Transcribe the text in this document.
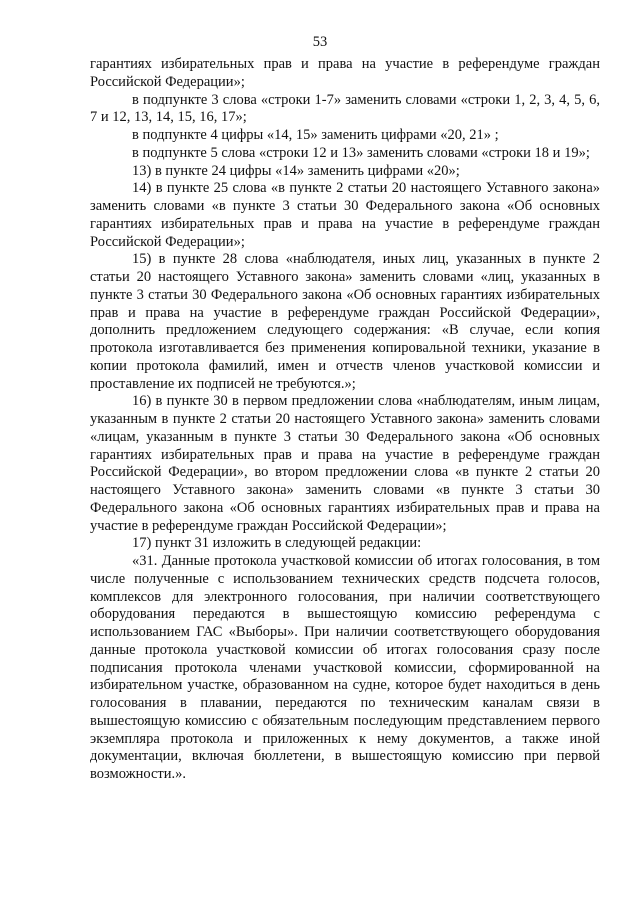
53

гарантиях избирательных прав и права на участие в референдуме граждан Российской Федерации»;

в подпункте 3 слова «строки 1-7» заменить словами «строки 1, 2, 3, 4, 5, 6, 7 и 12, 13, 14, 15, 16, 17»;

в подпункте 4 цифры «14, 15» заменить цифрами «20, 21» ;

в подпункте 5 слова «строки 12 и 13» заменить словами «строки 18 и 19»;

13) в пункте 24 цифры «14» заменить цифрами «20»;

14) в пункте 25 слова «в пункте 2 статьи 20 настоящего Уставного закона» заменить словами «в пункте 3 статьи 30 Федерального закона «Об основных гарантиях избирательных прав и права на участие в референдуме граждан Российской Федерации»;

15) в пункте 28 слова «наблюдателя, иных лиц, указанных в пункте 2 статьи 20 настоящего Уставного закона» заменить словами «лиц, указанных в пункте 3 статьи 30 Федерального закона «Об основных гарантиях избирательных прав и права на участие в референдуме граждан Российской Федерации», дополнить предложением следующего содержания: «В случае, если копия протокола изготавливается без применения копировальной техники, указание в копии протокола фамилий, имен и отчеств членов участковой комиссии и проставление их подписей не требуются.»;

16) в пункте 30 в первом предложении слова «наблюдателям, иным лицам, указанным в пункте 2 статьи 20 настоящего Уставного закона» заменить словами «лицам, указанным в пункте 3 статьи 30 Федерального закона «Об основных гарантиях избирательных прав и права на участие в референдуме граждан Российской Федерации», во втором предложении слова «в пункте 2 статьи 20 настоящего Уставного закона» заменить словами «в пункте 3 статьи 30 Федерального закона «Об основных гарантиях избирательных прав и права на участие в референдуме граждан Российской Федерации»;

17) пункт 31 изложить в следующей редакции:

«31. Данные протокола участковой комиссии об итогах голосования, в том числе полученные с использованием технических средств подсчета голосов, комплексов для электронного голосования, при наличии соответствующего оборудования передаются в вышестоящую комиссию референдума с использованием ГАС «Выборы». При наличии соответствующего оборудования данные протокола участковой комиссии об итогах голосования сразу после подписания протокола членами участковой комиссии, сформированной на избирательном участке, образованном на судне, которое будет находиться в день голосования в плавании, передаются по техническим каналам связи в вышестоящую комиссию с обязательным последующим представлением первого экземпляра протокола и приложенных к нему документов, а также иной документации, включая бюллетени, в вышестоящую комиссию при первой возможности.».
